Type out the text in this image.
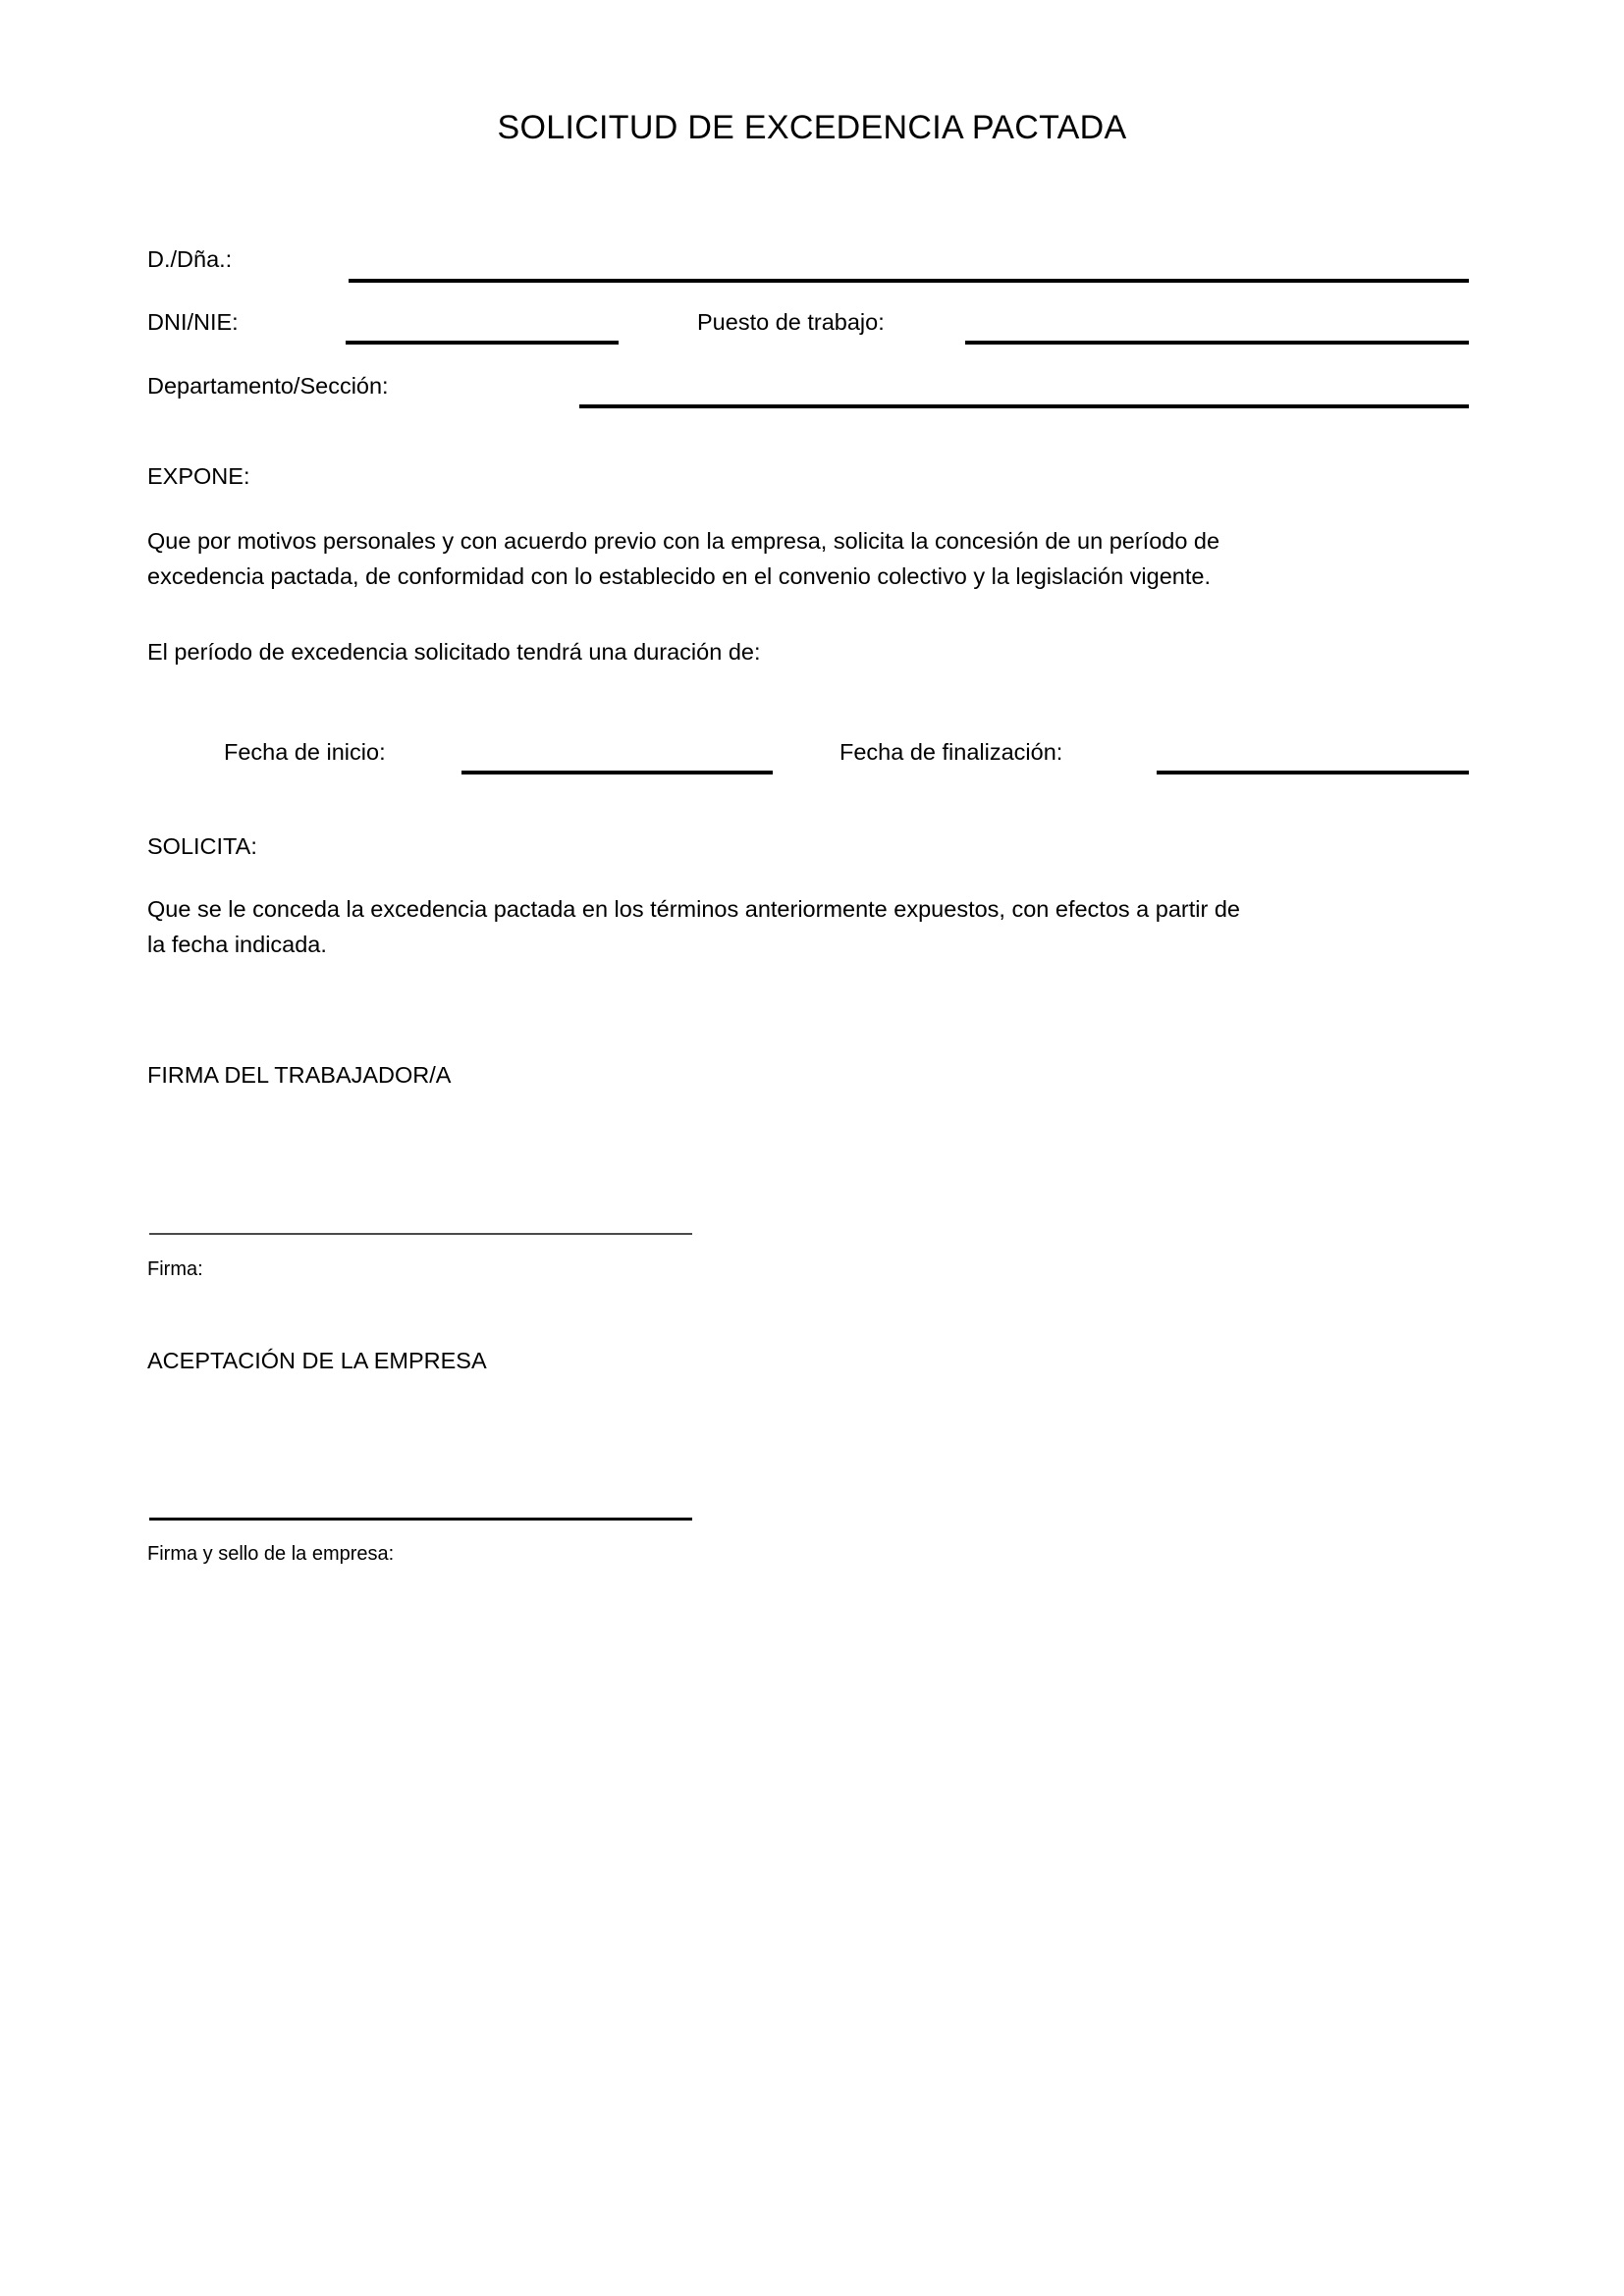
SOLICITUD DE EXCEDENCIA PACTADA
D./Dña.:
DNI/NIE:	Puesto de trabajo:
Departamento/Sección:
EXPONE:
Que por motivos personales y con acuerdo previo con la empresa, solicita la concesión de un período de
excedencia pactada, de conformidad con lo establecido en el convenio colectivo y la legislación vigente.
El período de excedencia solicitado tendrá una duración de:
Fecha de inicio:	Fecha de finalización:
SOLICITA:
Que se le conceda la excedencia pactada en los términos anteriormente expuestos, con efectos a partir de
la fecha indicada.
FIRMA DEL TRABAJADOR/A
Firma:
ACEPTACIÓN DE LA EMPRESA
Firma y sello de la empresa:
